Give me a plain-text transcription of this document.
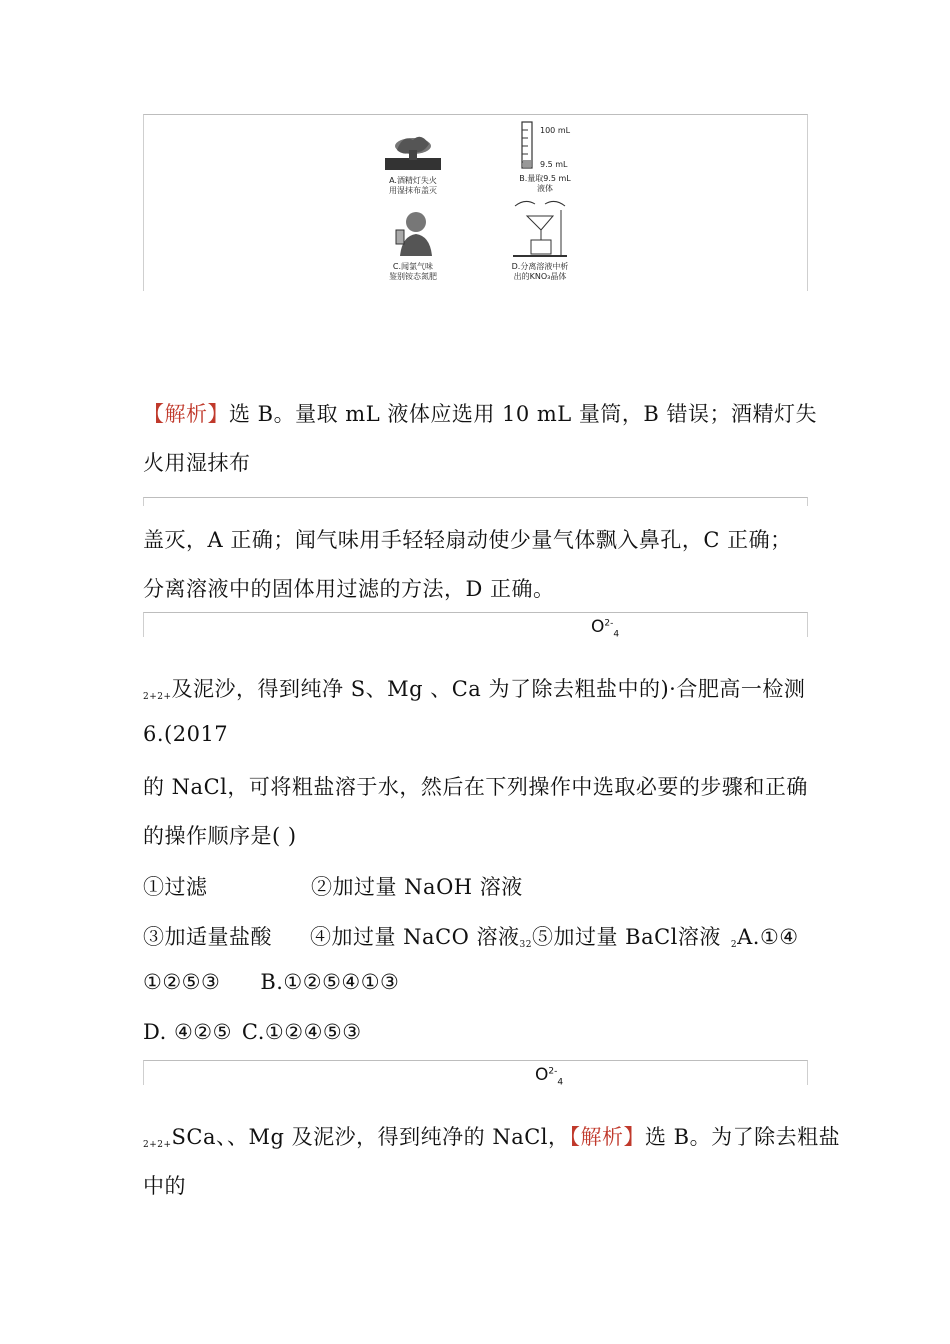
A.酒精灯失火
用湿抹布盖灭
100 mL
9.5 mL
B.量取9.5 mL
液体
C.闻氯气味
鉴别铵态氮肥
D.分离溶液中析
出的KNO₃晶体
【解析】选 B。量取 mL 液体应选用 10 mL 量筒，B 错误；酒精灯失
火用湿抹布
盖灭，A 正确；闻气味用手轻轻扇动使少量气体飘入鼻孔，C 正确；
分离溶液中的固体用过滤的方法，D 正确。
$O^{2-}_4$
$_{2+2+}$及泥沙，得到纯净 S、Mg 、Ca 为了除去粗盐中的)·合肥高一检测
6.(2017
的 NaCl，可将粗盐溶于水，然后在下列操作中选取必要的步骤和正确
的操作顺序是( )
①过滤	②加过量 NaOH 溶液
③加适量盐酸 ④加过量 NaCO 溶液$_{32}$⑤加过量 BaCl溶液 $_2$A.①④
①②⑤③ B.①②⑤④①③
D. ④②⑤ C.①②④⑤③
$O^{2-}_4$
$_{2+2+}$SCa、、Mg 及泥沙，得到纯净的 NaCl，【解析】选 B。为了除去粗盐
中的
